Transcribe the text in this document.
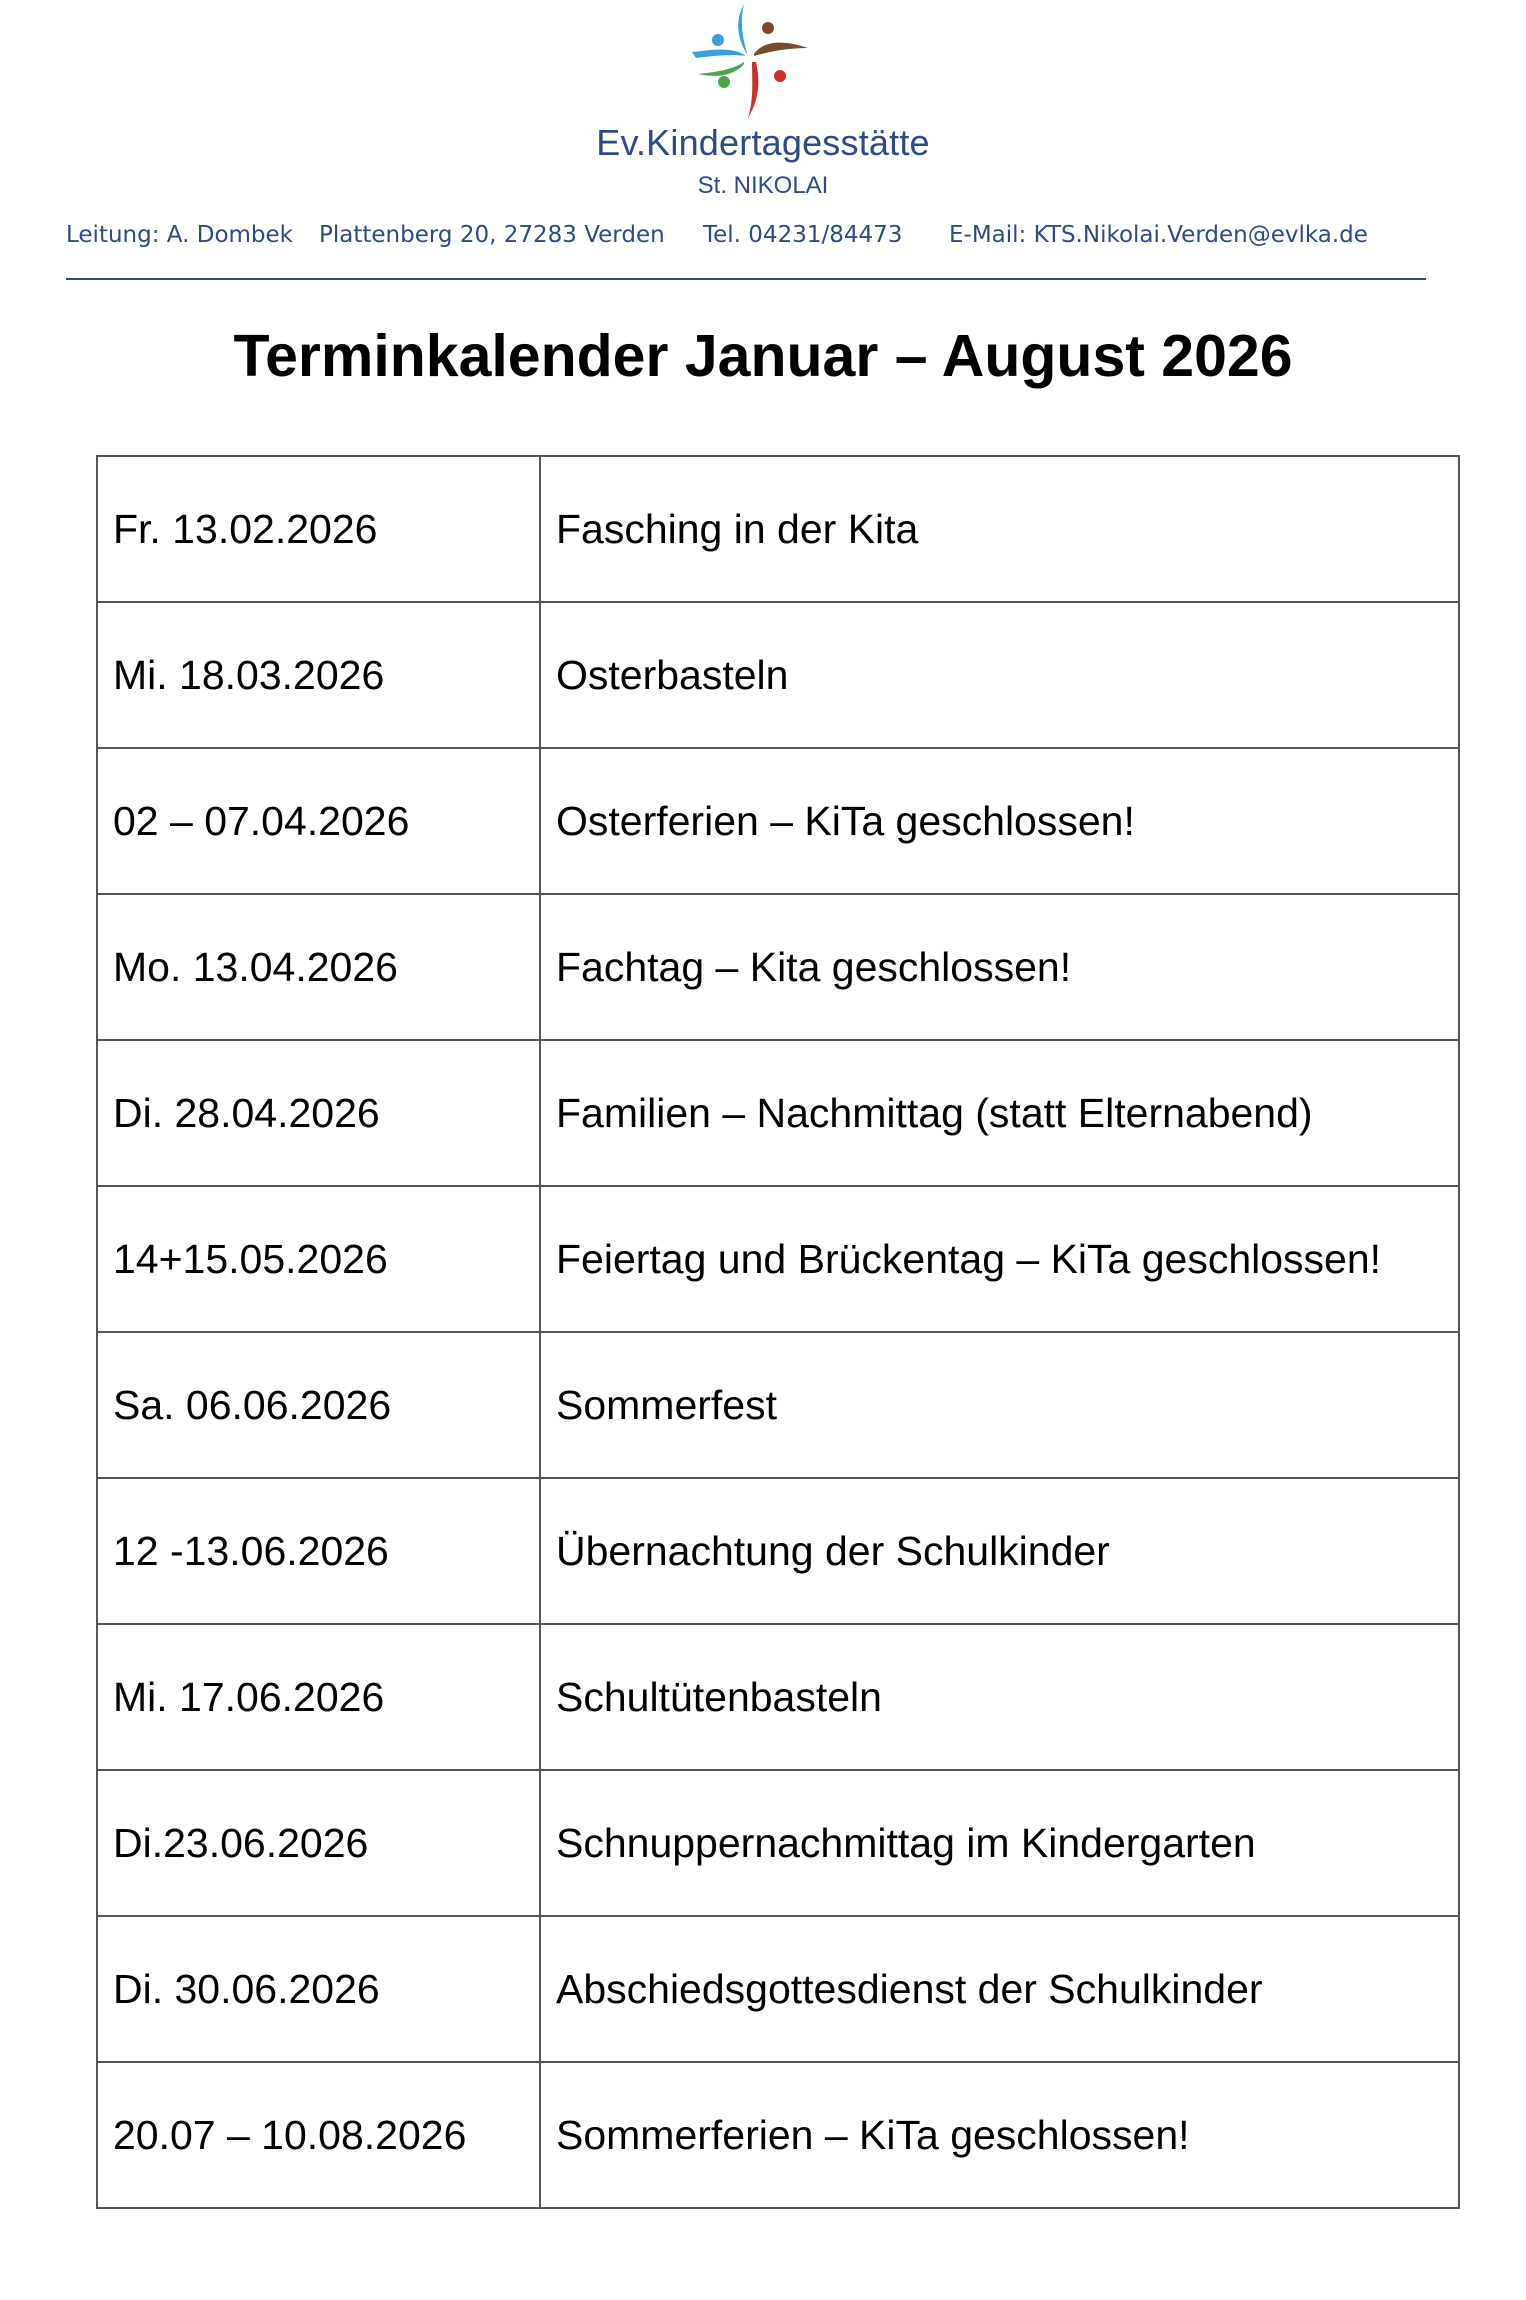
Ev.Kindertagesstätte
St. NIKOLAI
Leitung: A. Dombek Plattenberg 20, 27283 Verden Tel. 04231/84473 E-Mail: KTS.Nikolai.Verden@evlka.de
Terminkalender Januar – August 2026
Fr. 13.02.2026	Fasching in der Kita
Mi. 18.03.2026	Osterbasteln
02 – 07.04.2026	Osterferien – KiTa geschlossen!
Mo. 13.04.2026	Fachtag – Kita geschlossen!
Di. 28.04.2026	Familien – Nachmittag (statt Elternabend)
14+15.05.2026	Feiertag und Brückentag – KiTa geschlossen!
Sa. 06.06.2026	Sommerfest
12 -13.06.2026	Übernachtung der Schulkinder
Mi. 17.06.2026	Schultütenbasteln
Di.23.06.2026	Schnuppernachmittag im Kindergarten
Di. 30.06.2026	Abschiedsgottesdienst der Schulkinder
20.07 – 10.08.2026	Sommerferien – KiTa geschlossen!
